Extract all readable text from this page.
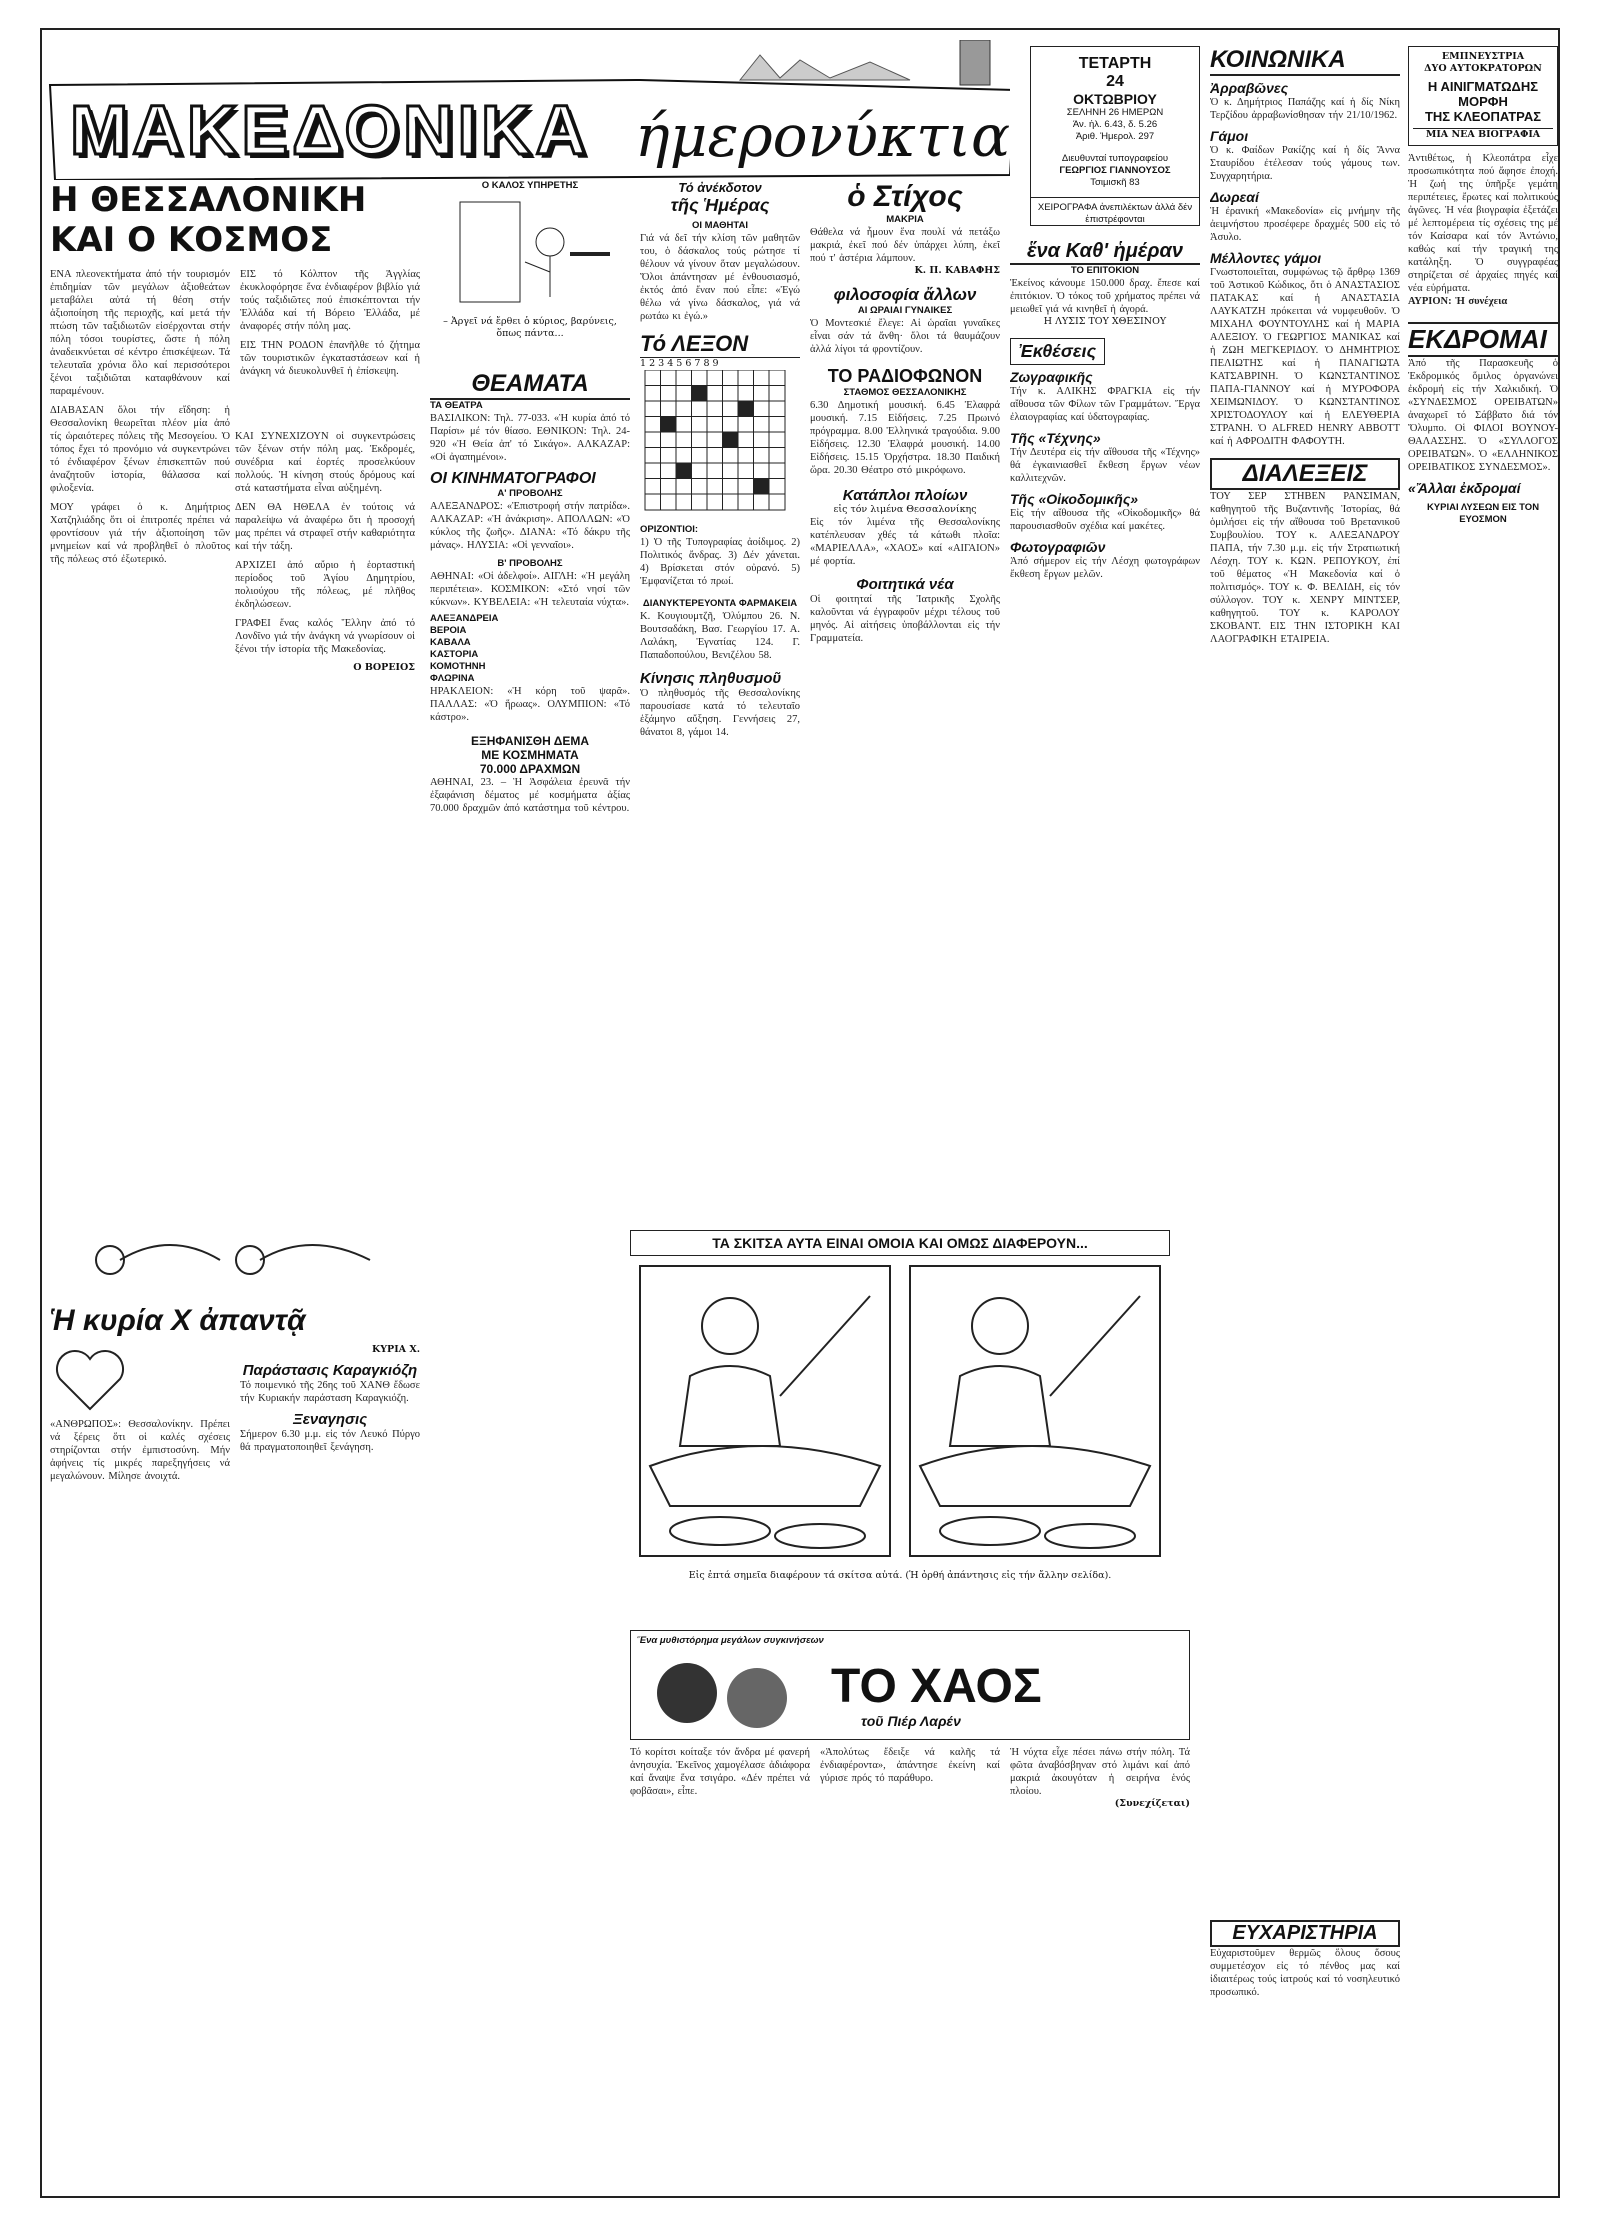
ΜΑΚΕΔΟΝΙΚΑ ήμερονύκτια
ΤΕΤΑΡΤΗ
24
ΟΚΤΩΒΡΙΟΥ
ΣΕΛΗΝΗ 26 ΗΜΕΡΩΝ
Άν. ἡλ. 6.43, δ. 5.26
Ἀριθ. Ἡμερολ. 297
Διευθυνταί τυπογραφείου
ΓΕΩΡΓΙΟΣ ΓΙΑΝΝΟΥΣΟΣ
Τσιμισκῆ 83
ΧΕΙΡΟΓΡΑΦΑ ἀνεπιλέκτων ἀλλά δέν ἐπιστρέφονται
ΚΟΙΝΩΝΙΚΑ
Ἀρραβῶνες
Ὁ κ. Δημήτριος Παπάζης καί ἡ δίς Νίκη Τερζίδου ἀρραβωνίσθησαν τήν 21/10/1962.
Γάμοι
Ὁ κ. Φαίδων Ρακίζης καί ἡ δίς Ἄννα Σταυρίδου ἐτέλεσαν τούς γάμους των. Συγχαρητήρια.
Δωρεαί
Ἡ ἐρανική «Μακεδονία» εἰς μνήμην τῆς ἀειμνήστου προσέφερε δραχμές 500 εἰς τό Ἀσυλο.
Μέλλοντες γάμοι
Γνωστοποιεῖται, συμφώνως τῷ ἄρθρῳ 1369 τοῦ Ἀστικοῦ Κώδικος, ὅτι ὁ ΑΝΑΣΤΑΣΙΟΣ ΠΑΤΑΚΑΣ καί ἡ ΑΝΑΣΤΑΣΙΑ ΛΑΥΚΑΤΖΗ πρόκειται νά νυμφευθοῦν. Ὁ ΜΙΧΑΗΛ ΦΟΥΝΤΟΥΛΗΣ καί ἡ ΜΑΡΙΑ ΑΛΕΞΙΟΥ. Ὁ ΓΕΩΡΓΙΟΣ ΜΑΝΙΚΑΣ καί ἡ ΖΩΗ ΜΕΓΚΕΡΙΔΟΥ. Ὁ ΔΗΜΗΤΡΙΟΣ ΠΕΛΙΩΤΗΣ καί ἡ ΠΑΝΑΓΙΩΤΑ ΚΑΤΣΑΒΡΙΝΗ. Ὁ ΚΩΝΣΤΑΝΤΙΝΟΣ ΠΑΠΑ-ΓΙΑΝΝΟΥ καί ἡ ΜΥΡΟΦΟΡΑ ΧΕΙΜΩΝΙΔΟΥ. Ὁ ΚΩΝΣΤΑΝΤΙΝΟΣ ΧΡΙΣΤΟΔΟΥΛΟΥ καί ἡ ΕΛΕΥΘΕΡΙΑ ΣΤΡΑΝΗ. Ὁ ALFRED HENRY ABBOTT καί ἡ ΑΦΡΟΔΙΤΗ ΦΑΦΟΥΤΗ.
ΔΙΑΛΕΞΕΙΣ
ΤΟΥ ΣΕΡ ΣΤΗΒΕΝ ΡΑΝΣΙΜΑΝ, καθηγητοῦ τῆς Βυζαντινῆς Ἱστορίας, θά ὁμιλήσει εἰς τήν αἴθουσα τοῦ Βρετανικοῦ Συμβουλίου. ΤΟΥ κ. ΑΛΕΞΑΝΔΡΟΥ ΠΑΠΑ, τήν 7.30 μ.μ. εἰς τήν Στρατιωτική Λέσχη. ΤΟΥ κ. ΚΩΝ. ΡΕΠΟΥΚΟΥ, ἐπί τοῦ θέματος «Ἡ Μακεδονία καί ὁ πολιτισμός». ΤΟΥ κ. Φ. ΒΕΛΙΔΗ, εἰς τόν σύλλογον. ΤΟΥ κ. ΧΕΝΡΥ ΜΙΝΤΣΕΡ, καθηγητοῦ. ΤΟΥ κ. ΚΑΡΟΛΟΥ ΣΚΟΒΑΝΤ. ΕΙΣ ΤΗΝ ΙΣΤΟΡΙΚΗ ΚΑΙ ΛΑΟΓΡΑΦΙΚΗ ΕΤΑΙΡΕΙΑ.
ΕΜΠΝΕΥΣΤΡΙΑ
ΔΥΟ ΑΥΤΟΚΡΑΤΟΡΩΝ
Η ΑΙΝΙΓΜΑΤΩΔΗΣ
ΜΟΡΦΗ
ΤΗΣ ΚΛΕΟΠΑΤΡΑΣ
ΜΙΑ ΝΕΑ ΒΙΟΓΡΑΦΙΑ
Ἀντιθέτως, ἡ Κλεοπάτρα εἶχε προσωπικότητα πού ἄφησε ἐποχή. Ἡ ζωή της ὑπῆρξε γεμάτη περιπέτειες, ἔρωτες καί πολιτικούς ἀγῶνες. Ἡ νέα βιογραφία ἐξετάζει μέ λεπτομέρεια τίς σχέσεις της μέ τόν Καίσαρα καί τόν Ἀντώνιο, καθώς καί τήν τραγική της κατάληξη. Ὁ συγγραφέας στηρίζεται σέ ἀρχαίες πηγές καί νέα εὑρήματα.
ΑΥΡΙΟΝ: Ἡ συνέχεια
ΕΚΔΡΟΜΑΙ
Ἀπό τῆς Παρασκευῆς ὁ Ἐκδρομικός ὅμιλος ὀργανώνει ἐκδρομή εἰς τήν Χαλκιδική. Ὁ «ΣΥΝΔΕΣΜΟΣ ΟΡΕΙΒΑΤΩΝ» ἀναχωρεῖ τό Σάββατο διά τόν Ὄλυμπο. Οἱ ΦΙΛΟΙ ΒΟΥΝΟΥ-ΘΑΛΑΣΣΗΣ. Ὁ «ΣΥΛΛΟΓΟΣ ΟΡΕΙΒΑΤΩΝ». Ὁ «ΕΛΛΗΝΙΚΟΣ ΟΡΕΙΒΑΤΙΚΟΣ ΣΥΝΔΕΣΜΟΣ».
«Ἄλλαι ἐκδρομαί
ΚΥΡΙΑΙ ΛΥΣΕΩΝ ΕΙΣ ΤΟΝ ΕΥΟΣΜΟΝ
Η ΘΕΣΣΑΛΟΝΙΚΗ
ΚΑΙ Ο ΚΟΣΜΟΣ
ΕΝΑ πλεονεκτήματα ἀπό τήν τουρισμόν ἐπιδημίαν τῶν μεγάλων ἀξιοθεάτων μεταβάλει αὐτά τή θέση στήν ἀξιοποίηση τῆς περιοχῆς, καί μετά τήν πτώση τῶν ταξιδιωτῶν εἰσέρχονται στήν πόλη τόσοι τουρίστες, ὥστε ἡ πόλη ἀναδεικνύεται σέ κέντρο ἐπισκέψεων. Τά τελευταῖα χρόνια ὅλο καί περισσότεροι ξένοι ταξιδιῶται καταφθάνουν καί παραμένουν.
ΔΙΑΒΑΣΑΝ ὅλοι τήν εἴδηση: ἡ Θεσσαλονίκη θεωρεῖται πλέον μία ἀπό τίς ὡραιότερες πόλεις τῆς Μεσογείου. Ὁ τόπος ἔχει τό προνόμιο νά συγκεντρώνει τό ἐνδιαφέρον ξένων ἐπισκεπτῶν πού ἀναζητοῦν ἱστορία, θάλασσα καί φιλοξενία.
ΜΟΥ γράφει ὁ κ. Δημήτριος Χατζηλιάδης ὅτι οἱ ἐπιτροπές πρέπει νά φροντίσουν γιά τήν ἀξιοποίηση τῶν μνημείων καί νά προβληθεῖ ὁ πλοῦτος τῆς πόλεως στό ἐξωτερικό.
ΕΙΣ τό Κόλπτον τῆς Ἀγγλίας ἐκυκλοφόρησε ἕνα ἐνδιαφέρον βιβλίο γιά τούς ταξιδιῶτες πού ἐπισκέπτονται τήν Ἑλλάδα καί τή Βόρειο Ἑλλάδα, μέ ἀναφορές στήν πόλη μας.
ΕΙΣ ΤΗΝ ΡΟΔΟΝ ἐπανῆλθε τό ζήτημα τῶν τουριστικῶν ἐγκαταστάσεων καί ἡ ἀνάγκη νά διευκολυνθεῖ ἡ ἐπίσκεψη.
ΚΑΙ ΣΥΝΕΧΙΖΟΥΝ οἱ συγκεντρώσεις τῶν ξένων στήν πόλη μας. Ἐκδρομές, συνέδρια καί ἑορτές προσελκύουν πολλούς. Ἡ κίνηση στούς δρόμους καί στά καταστήματα εἶναι αὐξημένη.
ΔΕΝ ΘΑ ΗΘΕΛΑ ἐν τούτοις νά παραλείψω νά ἀναφέρω ὅτι ἡ προσοχή μας πρέπει νά στραφεῖ στήν καθαριότητα καί τήν τάξη.
ΑΡΧΙΖΕΙ ἀπό αὔριο ἡ ἑορταστική περίοδος τοῦ Ἁγίου Δημητρίου, πολιούχου τῆς πόλεως, μέ πλῆθος ἐκδηλώσεων.
ΓΡΑΦΕΙ ἕνας καλός Ἕλλην ἀπό τό Λονδῖνο γιά τήν ἀνάγκη νά γνωρίσουν οἱ ξένοι τήν ἱστορία τῆς Μακεδονίας.
Ο ΒΟΡΕΙΟΣ
Ο ΚΑΛΟΣ ΥΠΗΡΕΤΗΣ
– Ἀργεῖ νά ἔρθει ὁ κύριος, βαρύνεις, ὅπως πάντα...
ΘΕΑΜΑΤΑ
ΤΑ ΘΕΑΤΡΑ
ΒΑΣΙΛΙΚΟΝ: Τηλ. 77-033. «Ἡ κυρία ἀπό τό Παρίσι» μέ τόν θίασο. ΕΘΝΙΚΟΝ: Τηλ. 24-920 «Ἡ Θεία ἀπ' τό Σικάγο». ΑΛΚΑΖΑΡ: «Οἱ ἀγαπημένοι».
ΟΙ ΚΙΝΗΜΑΤΟΓΡΑΦΟΙ
Α' ΠΡΟΒΟΛΗΣ
ΑΛΕΞΑΝΔΡΟΣ: «Ἐπιστροφή στήν πατρίδα». ΑΛΚΑΖΑΡ: «Ἡ ἀνάκριση». ΑΠΟΛΛΩΝ: «Ὁ κύκλος τῆς ζωῆς». ΔΙΑΝΑ: «Τό δάκρυ τῆς μάνας». ΗΛΥΣΙΑ: «Οἱ γενναῖοι».
Β' ΠΡΟΒΟΛΗΣ
ΑΘΗΝΑΙ: «Οἱ ἀδελφοί». ΑΙΓΛΗ: «Ἡ μεγάλη περιπέτεια». ΚΟΣΜΙΚΟΝ: «Στό νησί τῶν κύκνων». ΚΥΒΕΛΕΙΑ: «Ἡ τελευταία νύχτα».
ΑΛΕΞΑΝΔΡΕΙΑ
ΒΕΡΟΙΑ
ΚΑΒΑΛΑ
ΚΑΣΤΟΡΙΑ
ΚΟΜΟΤΗΝΗ
ΦΛΩΡΙΝΑ
ΗΡΑΚΛΕΙΟΝ: «Ἡ κόρη τοῦ ψαρᾶ». ΠΑΛΛΑΣ: «Ὁ ἥρωας». ΟΛΥΜΠΙΟΝ: «Τό κάστρο».
ΕΞΗΦΑΝΙΣΘΗ ΔΕΜΑ
ΜΕ ΚΟΣΜΗΜΑΤΑ
70.000 ΔΡΑΧΜΩΝ
ΑΘΗΝΑΙ, 23. – Ἡ Ἀσφάλεια ἐρευνᾶ τήν ἐξαφάνιση δέματος μέ κοσμήματα ἀξίας 70.000 δραχμῶν ἀπό κατάστημα τοῦ κέντρου.
Τό ἀνέκδοτον
τῆς Ἡμέρας
ΟΙ ΜΑΘΗΤΑΙ
Γιά νά δεῖ τήν κλίση τῶν μαθητῶν του, ὁ δάσκαλος τούς ρώτησε τί θέλουν νά γίνουν ὅταν μεγαλώσουν. Ὅλοι ἀπάντησαν μέ ἐνθουσιασμό, ἐκτός ἀπό ἕναν πού εἶπε: «Ἐγώ θέλω νά γίνω δάσκαλος, γιά νά ρωτάω κι ἐγώ.»
Τό ΛΕΞΟΝ
1 2 3 4 5 6 7 8 9
ΟΡΙΖΟΝΤΙΟΙ:
1) Ὁ τῆς Τυπογραφίας ἀοίδιμος. 2) Πολιτικός ἄνδρας. 3) Δέν χάνεται. 4) Βρίσκεται στόν οὐρανό. 5) Ἐμφανίζεται τό πρωί.
ΔΙΑΝΥΚΤΕΡΕΥΟΝΤΑ ΦΑΡΜΑΚΕΙΑ
Κ. Κουγιουμτζῆ, Ὀλύμπου 26. Ν. Βουτσαδάκη, Βασ. Γεωργίου 17. Α. Λαλάκη, Ἐγνατίας 124. Γ. Παπαδοπούλου, Βενιζέλου 58.
Κίνησις πληθυσμοῦ
Ὁ πληθυσμός τῆς Θεσσαλονίκης παρουσίασε κατά τό τελευταῖο ἑξάμηνο αὔξηση. Γεννήσεις 27, θάνατοι 8, γάμοι 14.
ὁ Στίχος
ΜΑΚΡΙΑ
Θάθελα νά ἦμουν ἕνα πουλί νά πετάξω μακριά, ἐκεῖ πού δέν ὑπάρχει λύπη, ἐκεῖ πού τ' ἀστέρια λάμπουν.
Κ. Π. ΚΑΒΑΦΗΣ
φιλοσοφία ἄλλων
ΑΙ ΩΡΑΙΑΙ ΓΥΝΑΙΚΕΣ
Ὁ Μοντεσκιέ ἔλεγε: Αἱ ὡραῖαι γυναῖκες εἶναι σάν τά ἄνθη· ὅλοι τά θαυμάζουν ἀλλά λίγοι τά φροντίζουν.
ΤΟ ΡΑΔΙΟΦΩΝΟΝ
ΣΤΑΘΜΟΣ ΘΕΣΣΑΛΟΝΙΚΗΣ
6.30 Δημοτική μουσική. 6.45 Ἐλαφρά μουσική. 7.15 Εἰδήσεις. 7.25 Πρωινό πρόγραμμα. 8.00 Ἐλληνικά τραγούδια. 9.00 Εἰδήσεις. 12.30 Ἐλαφρά μουσική. 14.00 Εἰδήσεις. 15.15 Ὀρχήστρα. 18.30 Παιδική ὥρα. 20.30 Θέατρο στό μικρόφωνο.
Κατάπλοι πλοίων
εἰς τόν λιμένα Θεσσαλονίκης
Εἰς τόν λιμένα τῆς Θεσσαλονίκης κατέπλευσαν χθές τά κάτωθι πλοῖα: «ΜΑΡΙΕΛΛΑ», «ΧΑΟΣ» καί «ΑΙΓΑΙΟΝ» μέ φορτία.
Φοιτητικά νέα
Οἱ φοιτηταί τῆς Ἰατρικῆς Σχολῆς καλοῦνται νά ἐγγραφοῦν μέχρι τέλους τοῦ μηνός. Αἱ αἰτήσεις ὑποβάλλονται εἰς τήν Γραμματεία.
ἕνα Καθ' ἡμέραν
ΤΟ ΕΠΙΤΟΚΙΟΝ
Ἐκείνος κάνουμε 150.000 δραχ. ἔπεσε καί ἐπιτόκιον. Ὁ τόκος τοῦ χρήματος πρέπει νά μειωθεῖ γιά νά κινηθεῖ ἡ ἀγορά.
Η ΛΥΣΙΣ ΤΟΥ ΧΘΕΣΙΝΟΥ
Ἐκθέσεις
Ζωγραφικῆς
Τήν κ. ΑΛΙΚΗΣ ΦΡΑΓΚΙΑ εἰς τήν αἴθουσα τῶν Φίλων τῶν Γραμμάτων. Ἔργα ἐλαιογραφίας καί ὑδατογραφίας.
Τῆς «Τέχνης»
Τήν Δευτέρα εἰς τήν αἴθουσα τῆς «Τέχνης» θά ἐγκαινιασθεῖ ἔκθεση ἔργων νέων καλλιτεχνῶν.
Τῆς «Οἰκοδομικῆς»
Εἰς τήν αἴθουσα τῆς «Οἰκοδομικῆς» θά παρουσιασθοῦν σχέδια καί μακέτες.
Φωτογραφιῶν
Ἀπό σήμερον εἰς τήν Λέσχη φωτογράφων ἔκθεση ἔργων μελῶν.
ΤΑ ΣΚΙΤΣΑ ΑΥΤΑ ΕΙΝΑΙ ΟΜΟΙΑ ΚΑΙ ΟΜΩΣ ΔΙΑΦΕΡΟΥΝ...
Εἰς ἑπτά σημεῖα διαφέρουν τά σκίτσα αὐτά. (Ἡ ὀρθή ἀπάντησις εἰς τήν ἄλλην σελίδα).
Ἕνα μυθιστόρημα μεγάλων συγκινήσεων
ΤΟ ΧΑΟΣ
τοῦ Πιέρ Λαρέν
Τό κορίτσι κοίταξε τόν ἄνδρα μέ φανερή ἀνησυχία. Ἐκεῖνος χαμογέλασε ἀδιάφορα καί ἄναψε ἕνα τσιγάρο. «Δέν πρέπει νά φοβᾶσαι», εἶπε.
«Ἀπολύτως ἔδειξε νά καλῆς τά ἐνδιαφέροντα», ἀπάντησε ἐκείνη καί γύρισε πρός τό παράθυρο.
Ἡ νύχτα εἶχε πέσει πάνω στήν πόλη. Τά φῶτα ἀναβόσβηναν στό λιμάνι καί ἀπό μακριά ἀκουγόταν ἡ σειρήνα ἑνός πλοίου.
(Συνεχίζεται)
Ἡ κυρία Χ ἀπαντᾷ
«ΑΝΘΡΩΠΟΣ»: Θεσσαλονίκην. Πρέπει νά ξέρεις ὅτι οἱ καλές σχέσεις στηρίζονται στήν ἐμπιστοσύνη. Μήν ἀφήνεις τίς μικρές παρεξηγήσεις νά μεγαλώνουν. Μίλησε ἀνοιχτά.
ΚΥΡΙΑ Χ.
Παράστασις Καραγκιόζη
Τό ποιμενικό τῆς 26ης τοῦ ΧΑΝΘ ἔδωσε τήν Κυριακήν παράσταση Καραγκιόζη.
Ξεναγησις
Σήμερον 6.30 μ.μ. εἰς τόν Λευκό Πύργο θά πραγματοποιηθεῖ ξενάγηση.
ΕΥΧΑΡΙΣΤΗΡΙΑ
Εὐχαριστοῦμεν θερμῶς ὅλους ὅσους συμμετέσχον εἰς τό πένθος μας καί ἰδιαιτέρως τούς ἰατρούς καί τό νοσηλευτικό προσωπικό.
